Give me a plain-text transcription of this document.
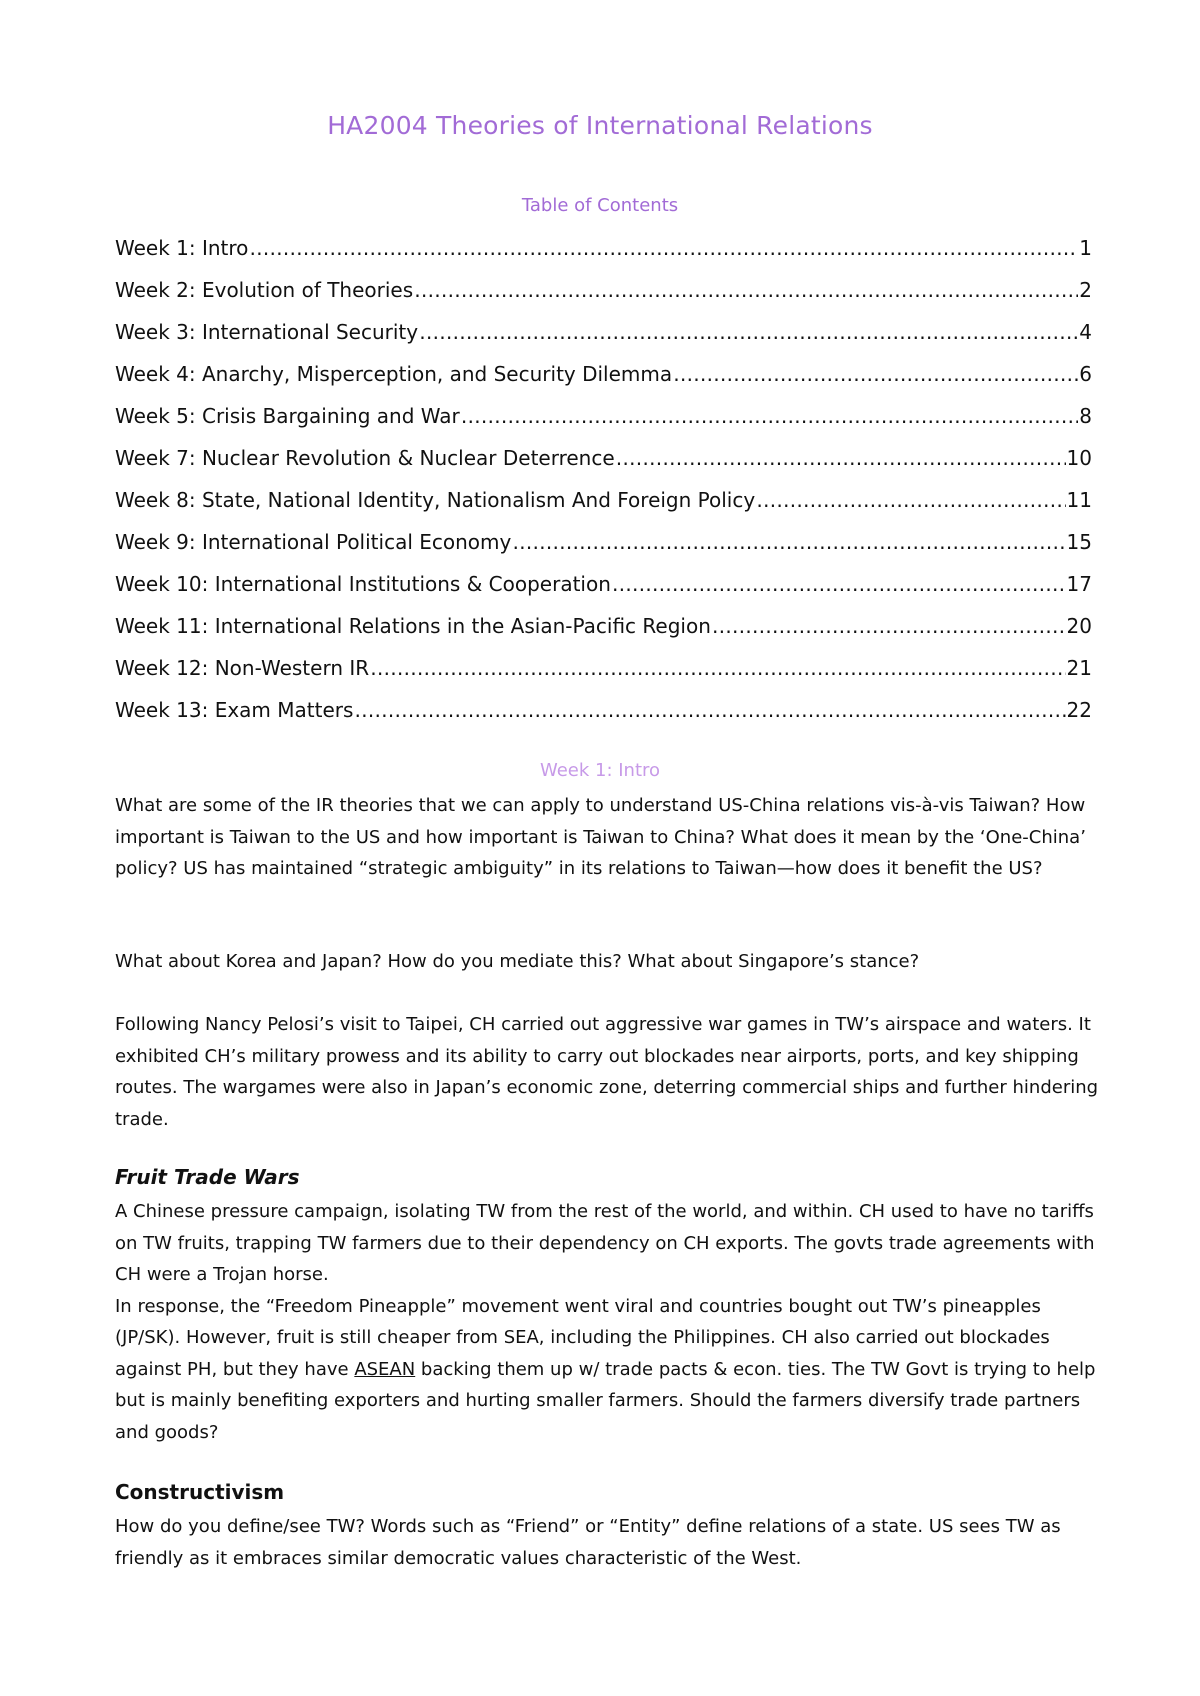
HA2004 Theories of International Relations
Table of Contents
Week 1: Intro ……………………………………………………………………………………………………………………………………………………………………………………………………	1
Week 2: Evolution of Theories ……………………………………………………………………………………………………………………………………………………………………………………………………	2
Week 3: International Security ……………………………………………………………………………………………………………………………………………………………………………………………………	4
Week 4: Anarchy, Misperception, and Security Dilemma ……………………………………………………………………………………………………………………………………………………………………………………………………	6
Week 5: Crisis Bargaining and War ……………………………………………………………………………………………………………………………………………………………………………………………………	8
Week 7: Nuclear Revolution & Nuclear Deterrence ……………………………………………………………………………………………………………………………………………………………………………………………………	10
Week 8: State, National Identity, Nationalism And Foreign Policy ……………………………………………………………………………………………………………………………………………………………………………………………………	11
Week 9: International Political Economy ……………………………………………………………………………………………………………………………………………………………………………………………………	15
Week 10: International Institutions & Cooperation ……………………………………………………………………………………………………………………………………………………………………………………………………	17
Week 11: International Relations in the Asian-Pacific Region ……………………………………………………………………………………………………………………………………………………………………………………………………	20
Week 12: Non-Western IR ……………………………………………………………………………………………………………………………………………………………………………………………………	21
Week 13: Exam Matters ……………………………………………………………………………………………………………………………………………………………………………………………………	22
Week 1: Intro

What are some of the IR theories that we can apply to understand US-China relations vis-à-vis Taiwan? How important is Taiwan to the US and how important is Taiwan to China? What does it mean by the ‘One-China’ policy? US has maintained “strategic ambiguity” in its relations to Taiwan—how does it benefit the US?

What about Korea and Japan? How do you mediate this? What about Singapore’s stance?

Following Nancy Pelosi’s visit to Taipei, CH carried out aggressive war games in TW’s airspace and waters. It exhibited CH’s military prowess and its ability to carry out blockades near airports, ports, and key shipping routes. The wargames were also in Japan’s economic zone, deterring commercial ships and further hindering trade.

Fruit Trade Wars

A Chinese pressure campaign, isolating TW from the rest of the world, and within. CH used to have no tariffs on TW fruits, trapping TW farmers due to their dependency on CH exports. The govts trade agreements with CH were a Trojan horse.

In response, the “Freedom Pineapple” movement went viral and countries bought out TW’s pineapples (JP/SK). However, fruit is still cheaper from SEA, including the Philippines. CH also carried out blockades against PH, but they have ASEAN backing them up w/ trade pacts & econ. ties. The TW Govt is trying to help but is mainly benefiting exporters and hurting smaller farmers. Should the farmers diversify trade partners and goods?

Constructivism

How do you define/see TW? Words such as “Friend” or “Entity” define relations of a state. US sees TW as friendly as it embraces similar democratic values characteristic of the West.
